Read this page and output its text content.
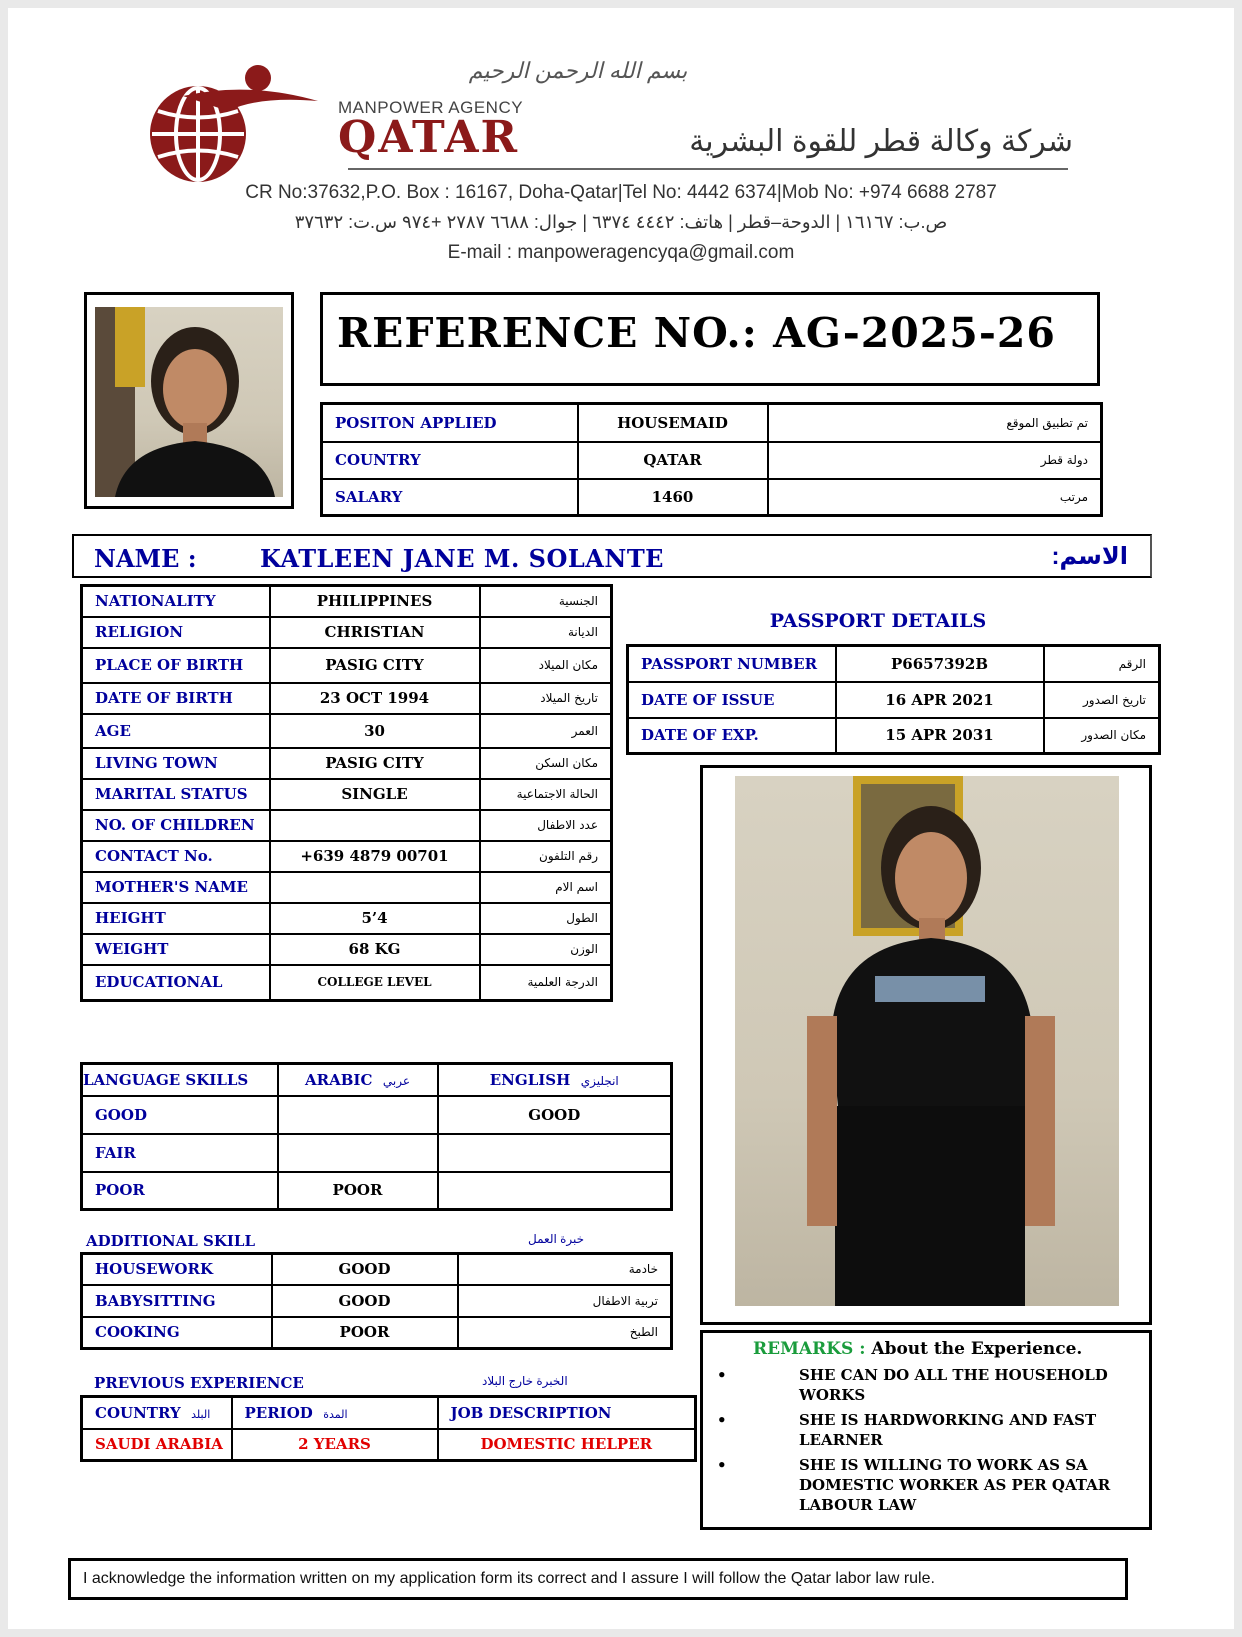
بسم الله الرحمن الرحيم
MANPOWER AGENCY
QATAR	شركة وكالة قطر للقوة البشرية
CR No:37632,P.O. Box : 16167, Doha-Qatar|Tel No: 4442 6374|Mob No: +974 6688 2787
ص.ب: ١٦١٦٧ | الدوحة–قطر | هاتف: ٤٤٤٢ ٦٣٧٤ | جوال: ٦٦٨٨ ٢٧٨٧ +٩٧٤ س.ت: ٣٧٦٣٢
E-mail : manpoweragencyqa@gmail.com
REFERENCE NO.: AG-2025-26
POSITON APPLIED	HOUSEMAID	تم تطبيق الموقع
COUNTRY	QATAR	دولة قطر
SALARY	1460	مرتب
NAME :	KATLEEN JANE M. SOLANTE	الاسم:
NATIONALITY	PHILIPPINES	الجنسية
RELIGION	CHRISTIAN	الديانة
PLACE OF BIRTH	PASIG CITY	مكان الميلاد
DATE OF BIRTH	23 OCT 1994	تاريخ الميلاد
AGE	30	العمر
LIVING TOWN	PASIG CITY	مكان السكن
MARITAL STATUS	SINGLE	الحالة الاجتماعية
NO. OF CHILDREN		عدد الاطفال
CONTACT No.	+639 4879 00701	رقم التلفون
MOTHER'S NAME		اسم الام
HEIGHT	5’4	الطول
WEIGHT	68 KG	الوزن
EDUCATIONAL	COLLEGE LEVEL	الدرجة العلمية
PASSPORT DETAILS
PASSPORT NUMBER	P6657392B	الرقم
DATE OF ISSUE	16 APR 2021	تاريخ الصدور
DATE OF EXP.	15 APR 2031	مكان الصدور
LANGUAGE SKILLS	ARABIC عربي	ENGLISH انجليزي
GOOD		GOOD
FAIR		
POOR	POOR	
ADDITIONAL SKILL	خبرة العمل
HOUSEWORK	GOOD	خادمة
BABYSITTING	GOOD	تربية الاطفال
COOKING	POOR	الطبخ
PREVIOUS EXPERIENCE	الخبرة خارج البلاد
COUNTRY البلد	PERIOD المدة	JOB DESCRIPTION
SAUDI ARABIA	2 YEARS	DOMESTIC HELPER
REMARKS : About the Experience.
•	SHE CAN DO ALL THE HOUSEHOLD WORKS
•	SHE IS HARDWORKING AND FAST LEARNER
•	SHE IS WILLING TO WORK AS SA DOMESTIC WORKER AS PER QATAR LABOUR LAW
I acknowledge the information written on my application form its correct and I assure I will follow the Qatar labor law rule.
